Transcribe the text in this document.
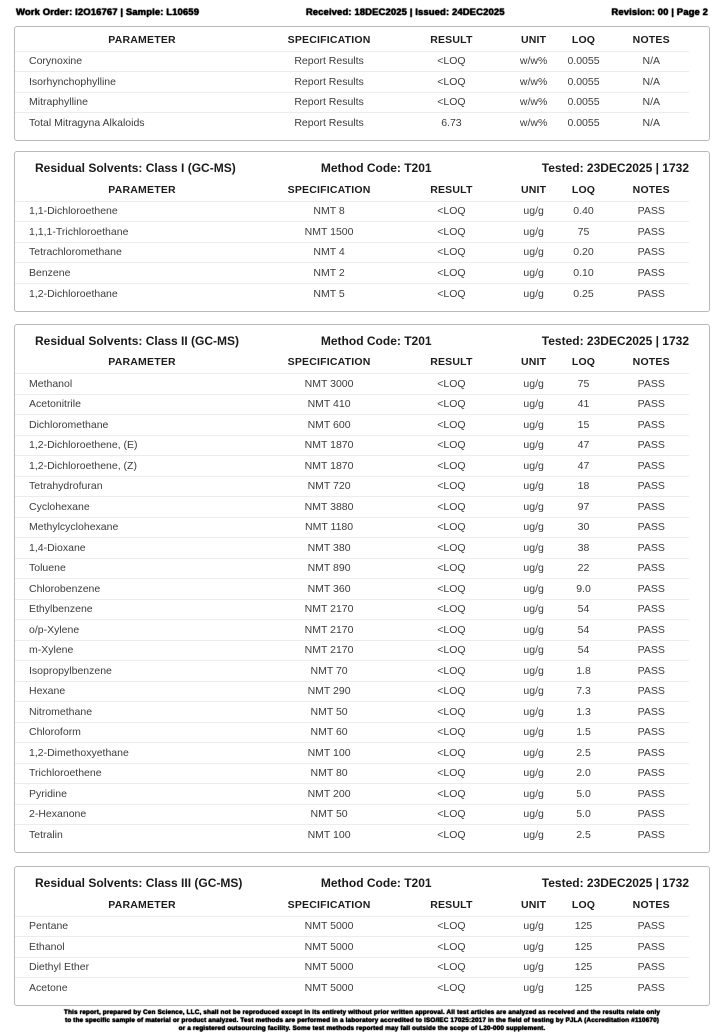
Work Order: I2O16767 | Sample: L10659	Received: 18DEC2025 | Issued: 24DEC2025	Revision: 00 | Page 2
PARAMETER	SPECIFICATION	RESULT	UNIT	LOQ	NOTES
Corynoxine	Report Results	<LOQ	w/w%	0.0055	N/A
Isorhynchophylline	Report Results	<LOQ	w/w%	0.0055	N/A
Mitraphylline	Report Results	<LOQ	w/w%	0.0055	N/A
Total Mitragyna Alkaloids	Report Results	6.73	w/w%	0.0055	N/A
Residual Solvents: Class I (GC-MS)	Method Code: T201	Tested: 23DEC2025 | 1732
PARAMETER	SPECIFICATION	RESULT	UNIT	LOQ	NOTES
1,1-Dichloroethene	NMT 8	<LOQ	ug/g	0.40	PASS
1,1,1-Trichloroethane	NMT 1500	<LOQ	ug/g	75	PASS
Tetrachloromethane	NMT 4	<LOQ	ug/g	0.20	PASS
Benzene	NMT 2	<LOQ	ug/g	0.10	PASS
1,2-Dichloroethane	NMT 5	<LOQ	ug/g	0.25	PASS
Residual Solvents: Class II (GC-MS)	Method Code: T201	Tested: 23DEC2025 | 1732
PARAMETER	SPECIFICATION	RESULT	UNIT	LOQ	NOTES
Methanol	NMT 3000	<LOQ	ug/g	75	PASS
Acetonitrile	NMT 410	<LOQ	ug/g	41	PASS
Dichloromethane	NMT 600	<LOQ	ug/g	15	PASS
1,2-Dichloroethene, (E)	NMT 1870	<LOQ	ug/g	47	PASS
1,2-Dichloroethene, (Z)	NMT 1870	<LOQ	ug/g	47	PASS
Tetrahydrofuran	NMT 720	<LOQ	ug/g	18	PASS
Cyclohexane	NMT 3880	<LOQ	ug/g	97	PASS
Methylcyclohexane	NMT 1180	<LOQ	ug/g	30	PASS
1,4-Dioxane	NMT 380	<LOQ	ug/g	38	PASS
Toluene	NMT 890	<LOQ	ug/g	22	PASS
Chlorobenzene	NMT 360	<LOQ	ug/g	9.0	PASS
Ethylbenzene	NMT 2170	<LOQ	ug/g	54	PASS
o/p-Xylene	NMT 2170	<LOQ	ug/g	54	PASS
m-Xylene	NMT 2170	<LOQ	ug/g	54	PASS
Isopropylbenzene	NMT 70	<LOQ	ug/g	1.8	PASS
Hexane	NMT 290	<LOQ	ug/g	7.3	PASS
Nitromethane	NMT 50	<LOQ	ug/g	1.3	PASS
Chloroform	NMT 60	<LOQ	ug/g	1.5	PASS
1,2-Dimethoxyethane	NMT 100	<LOQ	ug/g	2.5	PASS
Trichloroethene	NMT 80	<LOQ	ug/g	2.0	PASS
Pyridine	NMT 200	<LOQ	ug/g	5.0	PASS
2-Hexanone	NMT 50	<LOQ	ug/g	5.0	PASS
Tetralin	NMT 100	<LOQ	ug/g	2.5	PASS
Residual Solvents: Class III (GC-MS)	Method Code: T201	Tested: 23DEC2025 | 1732
PARAMETER	SPECIFICATION	RESULT	UNIT	LOQ	NOTES
Pentane	NMT 5000	<LOQ	ug/g	125	PASS
Ethanol	NMT 5000	<LOQ	ug/g	125	PASS
Diethyl Ether	NMT 5000	<LOQ	ug/g	125	PASS
Acetone	NMT 5000	<LOQ	ug/g	125	PASS
This report, prepared by Cen Science, LLC, shall not be reproduced except in its entirety without prior written approval. All test articles are analyzed as received and the results relate only
to the specific sample of material or product analyzed. Test methods are performed in a laboratory accredited to ISO/IEC 17025:2017 in the field of testing by PJLA (Accreditation #110670)
or a registered outsourcing facility. Some test methods reported may fall outside the scope of L20-000 supplement.
